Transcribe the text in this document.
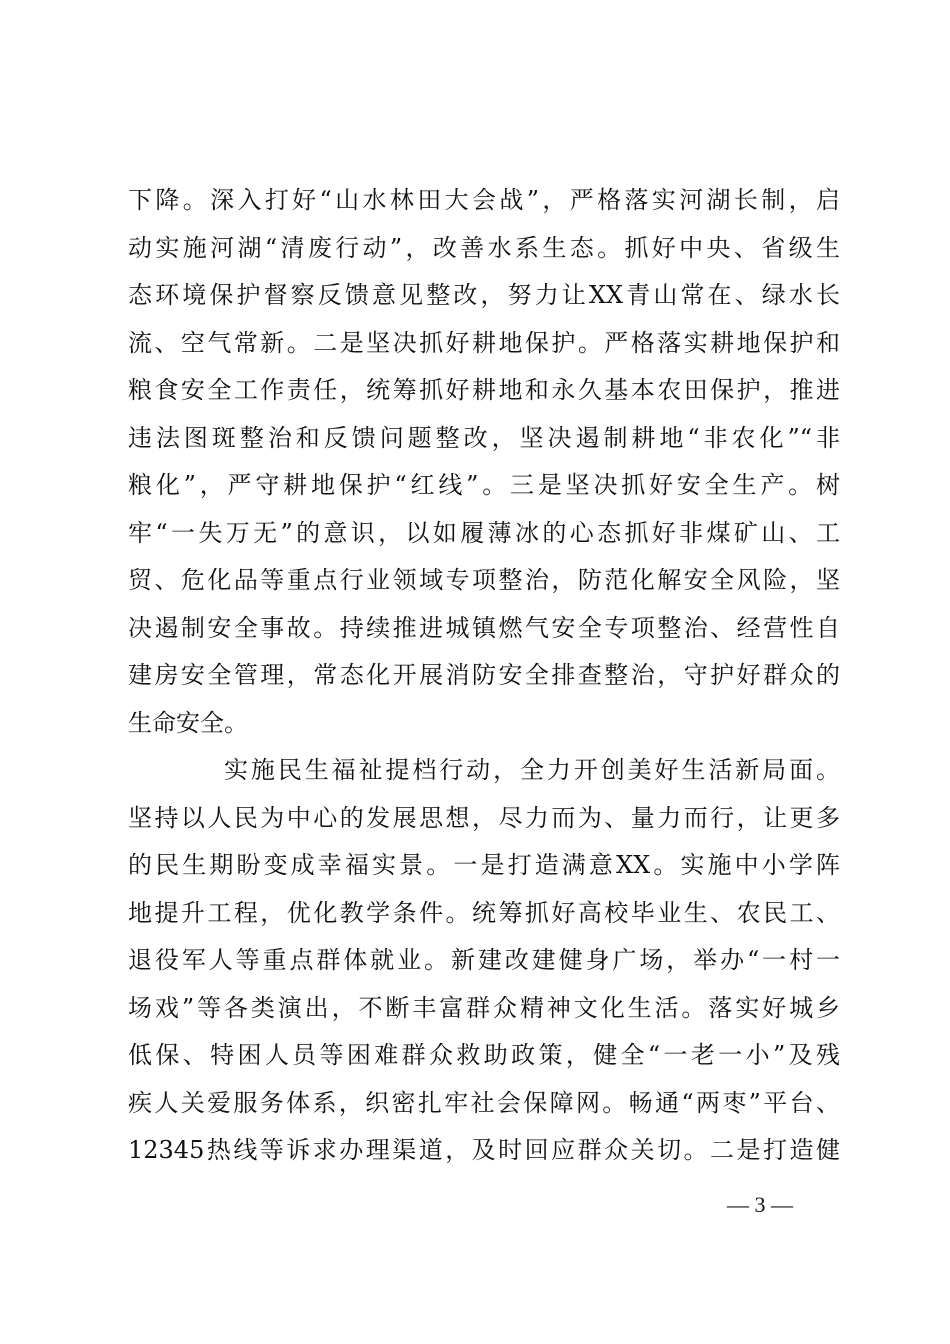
下降。深入打好“山水林田大会战”，严格落实河湖长制，启
动实施河湖“清废行动”，改善水系生态。抓好中央、省级生
态环境保护督察反馈意见整改，努力让XX青山常在、绿水长
流、空气常新。二是坚决抓好耕地保护。严格落实耕地保护和
粮食安全工作责任，统筹抓好耕地和永久基本农田保护，推进
违法图斑整治和反馈问题整改，坚决遏制耕地“非农化”“非
粮化”，严守耕地保护“红线”。三是坚决抓好安全生产。树
牢“一失万无”的意识，以如履薄冰的心态抓好非煤矿山、工
贸、危化品等重点行业领域专项整治，防范化解安全风险，坚
决遏制安全事故。持续推进城镇燃气安全专项整治、经营性自
建房安全管理，常态化开展消防安全排查整治，守护好群众的
生命安全。
实施民生福祉提档行动，全力开创美好生活新局面。
坚持以人民为中心的发展思想，尽力而为、量力而行，让更多
的民生期盼变成幸福实景。一是打造满意XX。实施中小学阵
地提升工程，优化教学条件。统筹抓好高校毕业生、农民工、
退役军人等重点群体就业。新建改建健身广场，举办“一村一
场戏”等各类演出，不断丰富群众精神文化生活。落实好城乡
低保、特困人员等困难群众救助政策，健全“一老一小”及残
疾人关爱服务体系，织密扎牢社会保障网。畅通“两枣”平台、
12345热线等诉求办理渠道，及时回应群众关切。二是打造健
— 3 —
